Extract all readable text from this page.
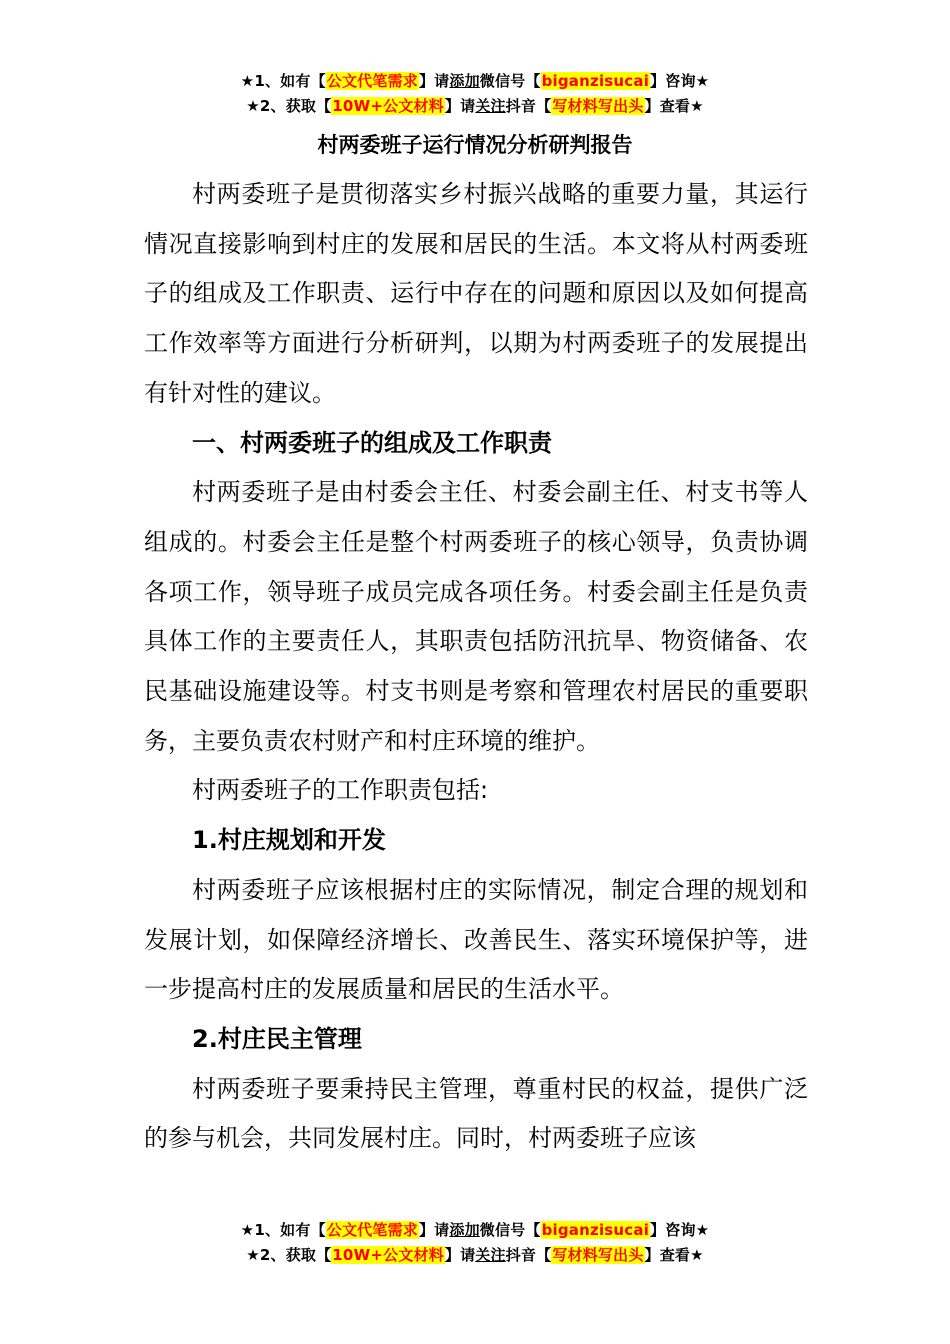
★1、如有【公文代笔需求】请添加微信号【biganzisucai】咨询★
★2、获取【10W+公文材料】请关注抖音【写材料写出头】查看★
村两委班子运行情况分析研判报告

村两委班子是贯彻落实乡村振兴战略的重要力量，其运行情况直接影响到村庄的发展和居民的生活。本文将从村两委班子的组成及工作职责、运行中存在的问题和原因以及如何提高工作效率等方面进行分析研判，以期为村两委班子的发展提出有针对性的建议。

一、村两委班子的组成及工作职责

村两委班子是由村委会主任、村委会副主任、村支书等人组成的。村委会主任是整个村两委班子的核心领导，负责协调各项工作，领导班子成员完成各项任务。村委会副主任是负责具体工作的主要责任人，其职责包括防汛抗旱、物资储备、农民基础设施建设等。村支书则是考察和管理农村居民的重要职务，主要负责农村财产和村庄环境的维护。

村两委班子的工作职责包括:

1.村庄规划和开发

村两委班子应该根据村庄的实际情况，制定合理的规划和发展计划，如保障经济增长、改善民生、落实环境保护等，进一步提高村庄的发展质量和居民的生活水平。

2.村庄民主管理

村两委班子要秉持民主管理，尊重村民的权益，提供广泛的参与机会，共同发展村庄。同时，村两委班子应该

★1、如有【公文代笔需求】请添加微信号【biganzisucai】咨询★
★2、获取【10W+公文材料】请关注抖音【写材料写出头】查看★
